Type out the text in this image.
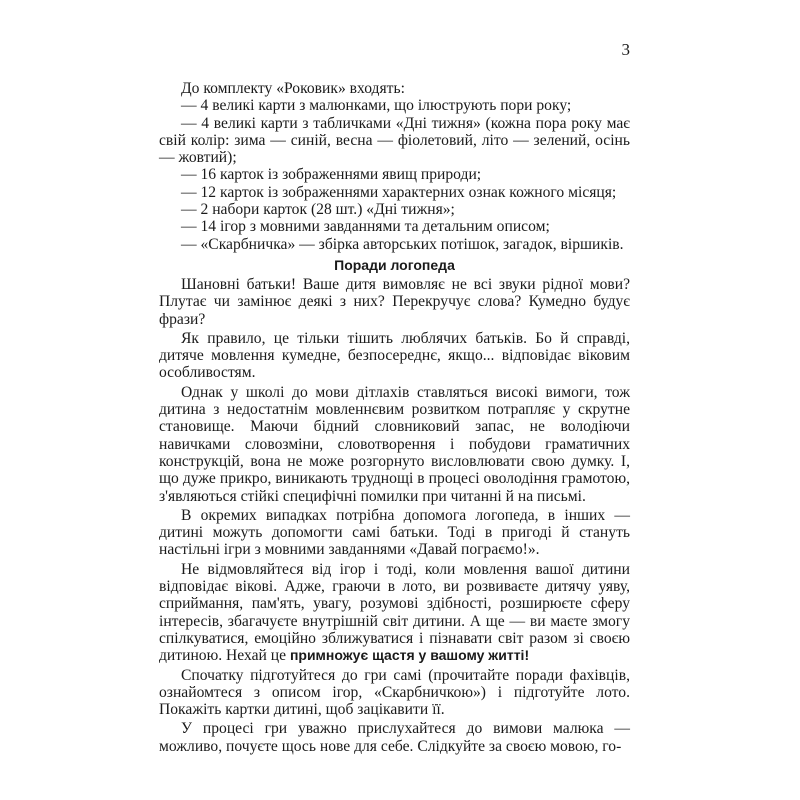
3

До комплекту «Роковик» входять:

— 4 великі карти з малюнками, що ілюструють пори року;

— 4 великі карти з табличками «Дні тижня» (кожна пора року має свій колір: зима — синій, весна — фіолетовий, літо — зелений, осінь — жовтий);

— 16 карток із зображеннями явищ природи;

— 12 карток із зображеннями характерних ознак кожного місяця;

— 2 набори карток (28 шт.) «Дні тижня»;

— 14 ігор з мовними завданнями та детальним описом;

— «Скарбничка» — збірка авторських потішок, загадок, віршиків.

Поради логопеда

Шановні батьки! Ваше дитя вимовляє не всі звуки рідної мови? Плутає чи замінює деякі з них? Перекручує слова? Кумедно будує фрази?

Як правило, це тільки тішить люблячих батьків. Бо й справді, дитяче мовлення кумедне, безпосереднє, якщо... відповідає віковим особливостям.

Однак у школі до мови дітлахів ставляться високі вимоги, тож дитина з недостатнім мовленнєвим розвитком потрапляє у скрутне становище. Маючи бідний словниковий запас, не володіючи навичками словозміни, словотворення і побудови граматичних конструкцій, вона не може розгорнуто висловлювати свою думку. І, що дуже прикро, виникають труднощі в процесі оволодіння грамотою, з'являються стійкі специфічні помилки при читанні й на письмі.

В окремих випадках потрібна допомога логопеда, в інших — дитині можуть допомогти самі батьки. Тоді в пригоді й стануть настільні ігри з мовними завданнями «Давай пограємо!».

Не відмовляйтеся від ігор і тоді, коли мовлення вашої дитини відповідає вікові. Адже, граючи в лото, ви розвиваєте дитячу уяву, сприймання, пам'ять, увагу, розумові здібності, розширюєте сферу інтересів, збагачуєте внутрішній світ дитини. А ще — ви маєте змогу спілкуватися, емоційно зближуватися і пізнавати світ разом зі своєю дитиною. Нехай це примножує щастя у вашому житті!

Спочатку підготуйтеся до гри самі (прочитайте поради фахівців, ознайомтеся з описом ігор, «Скарбничкою») і підготуйте лото. Покажіть картки дитині, щоб зацікавити її.

У процесі гри уважно прислухайтеся до вимови малюка — можливо, почуєте щось нове для себе. Слідкуйте за своєю мовою, го-
